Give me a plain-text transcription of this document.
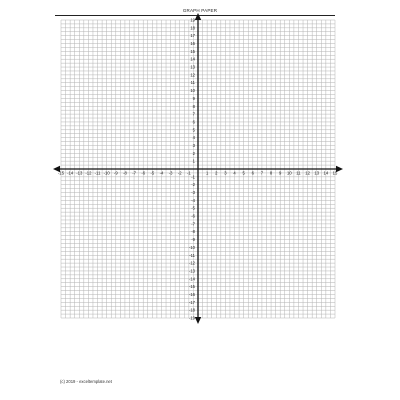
GRAPH PAPER
-15 -14 -13 -12 -11 -10 -9 -8 -7 -6 -5 -4 -3 -2 -1	1 2 3 4 5 6 7 8 9 10 11 12 13 14 15
19
18
17
16
15
14
13
12
11
10
9
8
7
6
5
4
3
2
1
-1
-2
-3
-4
-5
-6
-7
-8
-9
-10
-11
-12
-13
-14
-15
-16
-17
-18
-19
(c) 2019 - exceltemplate.net
